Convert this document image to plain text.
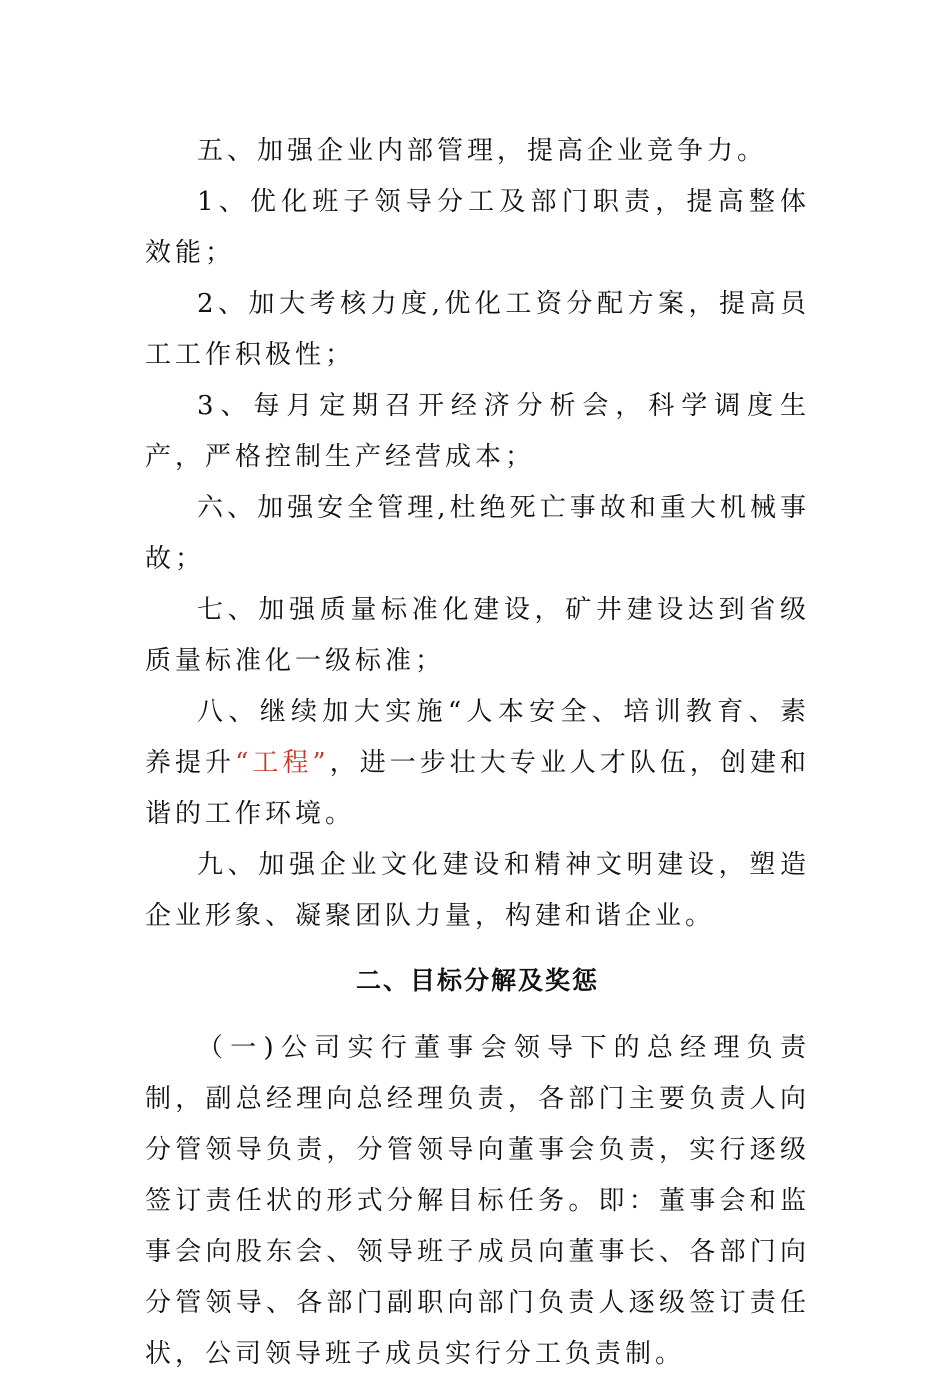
五、加强企业内部管理，提高企业竞争力。

1、优化班子领导分工及部门职责，提高整体效能；

2、加大考核力度,优化工资分配方案，提高员工工作积极性；

3、每月定期召开经济分析会，科学调度生产，严格控制生产经营成本；

六、加强安全管理,杜绝死亡事故和重大机械事故；

七、加强质量标准化建设，矿井建设达到省级质量标准化一级标准；

八、继续加大实施“人本安全、培训教育、素养提升“工程”，进一步壮大专业人才队伍，创建和谐的工作环境。

九、加强企业文化建设和精神文明建设，塑造企业形象、凝聚团队力量，构建和谐企业。

二、目标分解及奖惩

（一)公司实行董事会领导下的总经理负责制，副总经理向总经理负责，各部门主要负责人向分管领导负责，分管领导向董事会负责，实行逐级签订责任状的形式分解目标任务。即：董事会和监事会向股东会、领导班子成员向董事长、各部门向分管领导、各部门副职向部门负责人逐级签订责任状，公司领导班子成员实行分工负责制。
